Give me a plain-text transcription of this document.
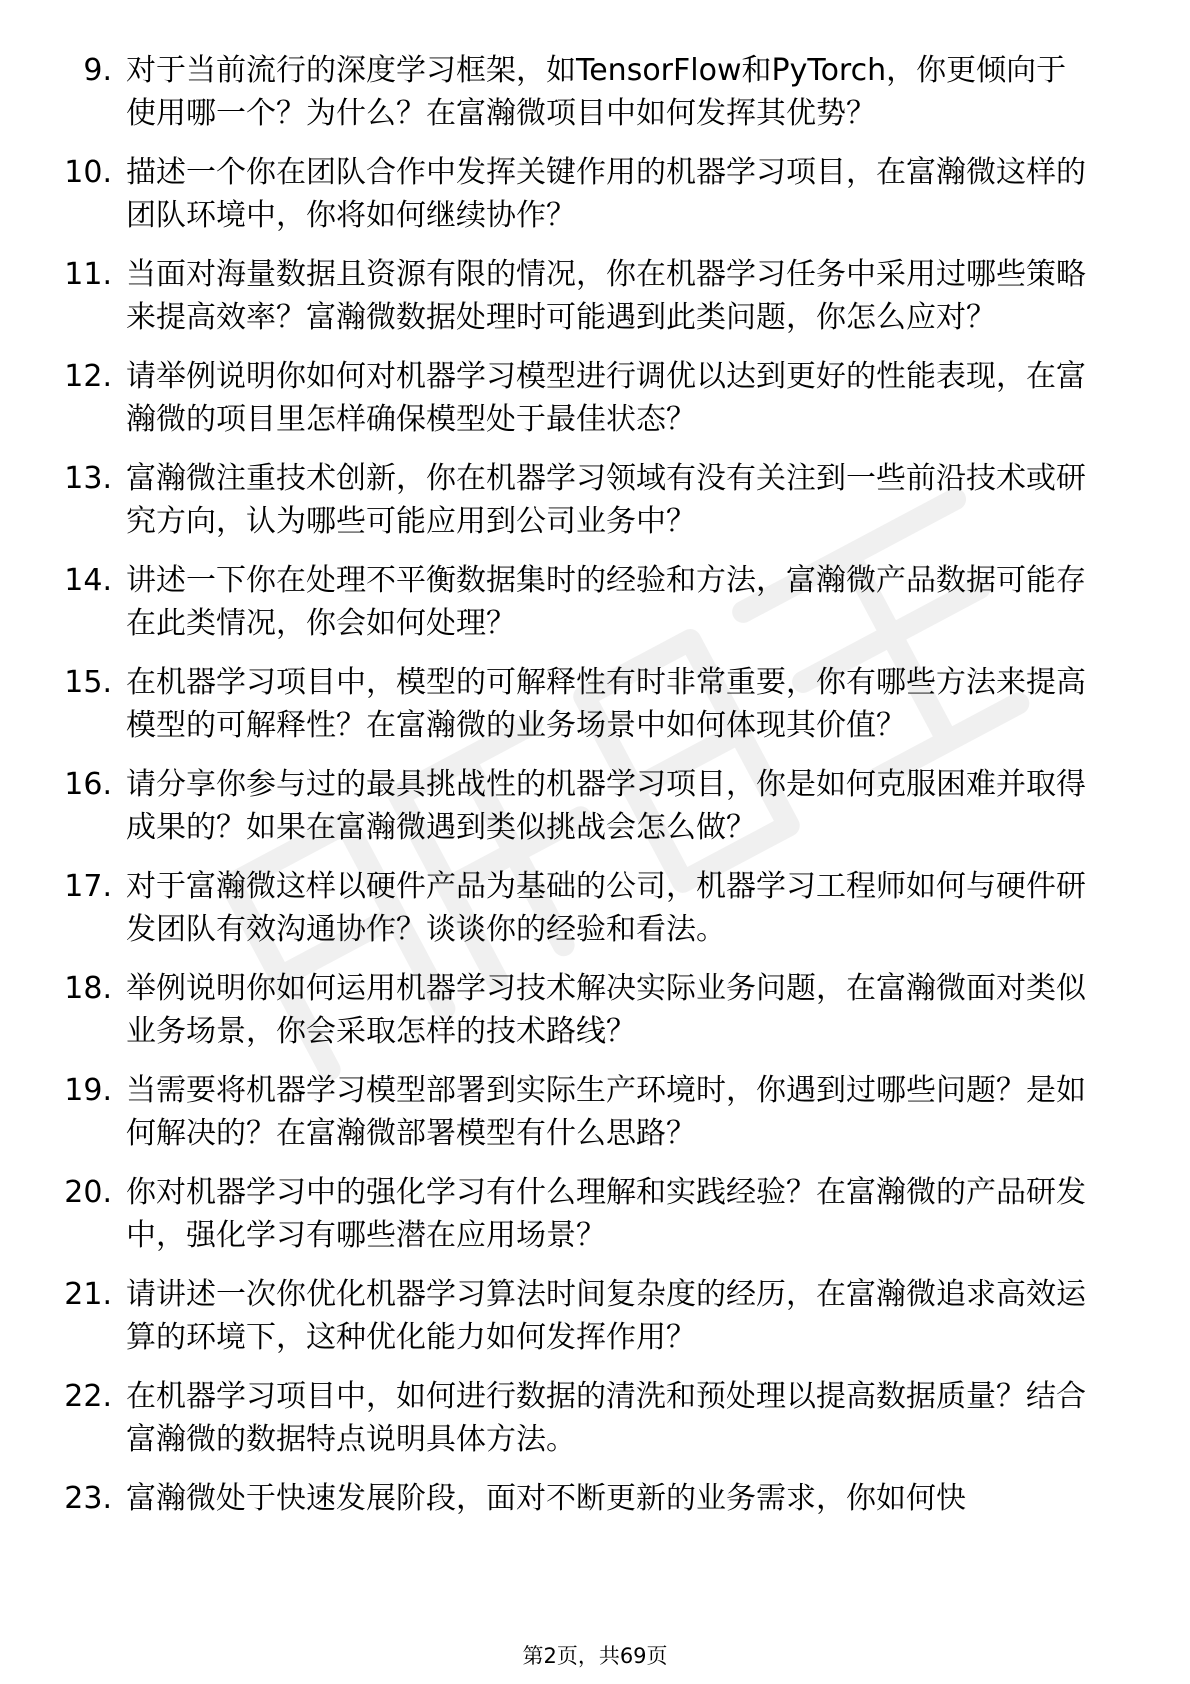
9. 对于当前流行的深度学习框架，如TensorFlow和PyTorch，你更倾向于使用哪一个？为什么？在富瀚微项目中如何发挥其优势？
10. 描述一个你在团队合作中发挥关键作用的机器学习项目，在富瀚微这样的团队环境中，你将如何继续协作？
11. 当面对海量数据且资源有限的情况，你在机器学习任务中采用过哪些策略来提高效率？富瀚微数据处理时可能遇到此类问题，你怎么应对？
12. 请举例说明你如何对机器学习模型进行调优以达到更好的性能表现，在富瀚微的项目里怎样确保模型处于最佳状态？
13. 富瀚微注重技术创新，你在机器学习领域有没有关注到一些前沿技术或研究方向，认为哪些可能应用到公司业务中？
14. 讲述一下你在处理不平衡数据集时的经验和方法，富瀚微产品数据可能存在此类情况，你会如何处理？
15. 在机器学习项目中，模型的可解释性有时非常重要，你有哪些方法来提高模型的可解释性？在富瀚微的业务场景中如何体现其价值？
16. 请分享你参与过的最具挑战性的机器学习项目，你是如何克服困难并取得成果的？如果在富瀚微遇到类似挑战会怎么做？
17. 对于富瀚微这样以硬件产品为基础的公司，机器学习工程师如何与硬件研发团队有效沟通协作？谈谈你的经验和看法。
18. 举例说明你如何运用机器学习技术解决实际业务问题，在富瀚微面对类似业务场景，你会采取怎样的技术路线？
19. 当需要将机器学习模型部署到实际生产环境时，你遇到过哪些问题？是如何解决的？在富瀚微部署模型有什么思路？
20. 你对机器学习中的强化学习有什么理解和实践经验？在富瀚微的产品研发中，强化学习有哪些潜在应用场景？
21. 请讲述一次你优化机器学习算法时间复杂度的经历，在富瀚微追求高效运算的环境下，这种优化能力如何发挥作用？
22. 在机器学习项目中，如何进行数据的清洗和预处理以提高数据质量？结合富瀚微的数据特点说明具体方法。
23. 富瀚微处于快速发展阶段，面对不断更新的业务需求，你如何快
第2页，共69页
